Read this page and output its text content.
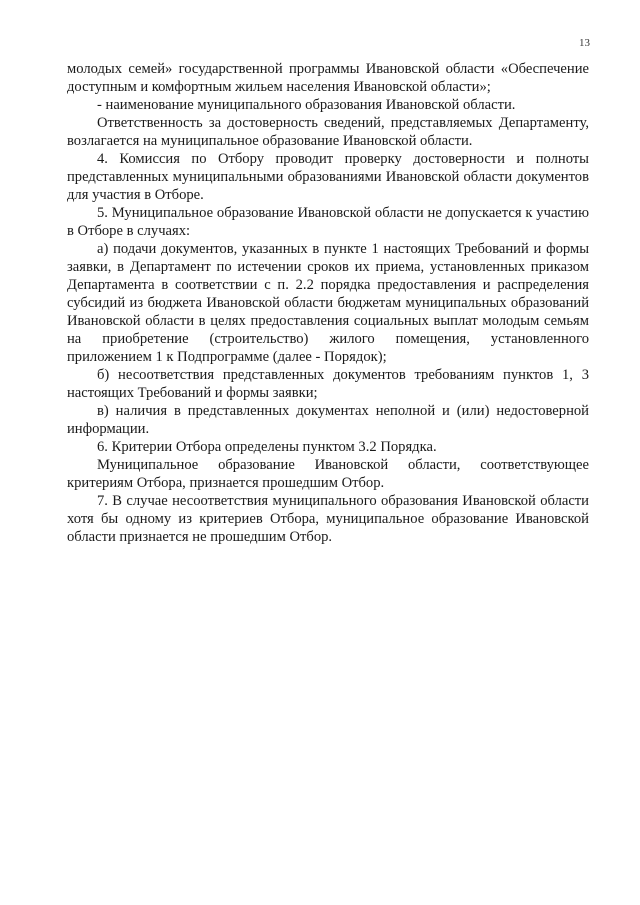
13

молодых семей» государственной программы Ивановской области «Обеспечение доступным и комфортным жильем населения Ивановской области»;

- наименование муниципального образования Ивановской области.

Ответственность за достоверность сведений, представляемых Департаменту, возлагается на муниципальное образование Ивановской области.

4. Комиссия по Отбору проводит проверку достоверности и полноты представленных муниципальными образованиями Ивановской области документов для участия в Отборе.

5. Муниципальное образование Ивановской области не допускается к участию в Отборе в случаях:

а) подачи документов, указанных в пункте 1 настоящих Требований и формы заявки, в Департамент по истечении сроков их приема, установленных приказом Департамента в соответствии с п. 2.2 порядка предоставления и распределения субсидий из бюджета Ивановской области бюджетам муниципальных образований Ивановской области в целях предоставления социальных выплат молодым семьям на приобретение (строительство) жилого помещения, установленного приложением 1 к Подпрограмме (далее - Порядок);

б) несоответствия представленных документов требованиям пунктов 1, 3 настоящих Требований и формы заявки;

в) наличия в представленных документах неполной и (или) недостоверной информации.

6. Критерии Отбора определены пунктом 3.2 Порядка.

Муниципальное образование Ивановской области, соответствующее критериям Отбора, признается прошедшим Отбор.

7. В случае несоответствия муниципального образования Ивановской области хотя бы одному из критериев Отбора, муниципальное образование Ивановской области признается не прошедшим Отбор.
